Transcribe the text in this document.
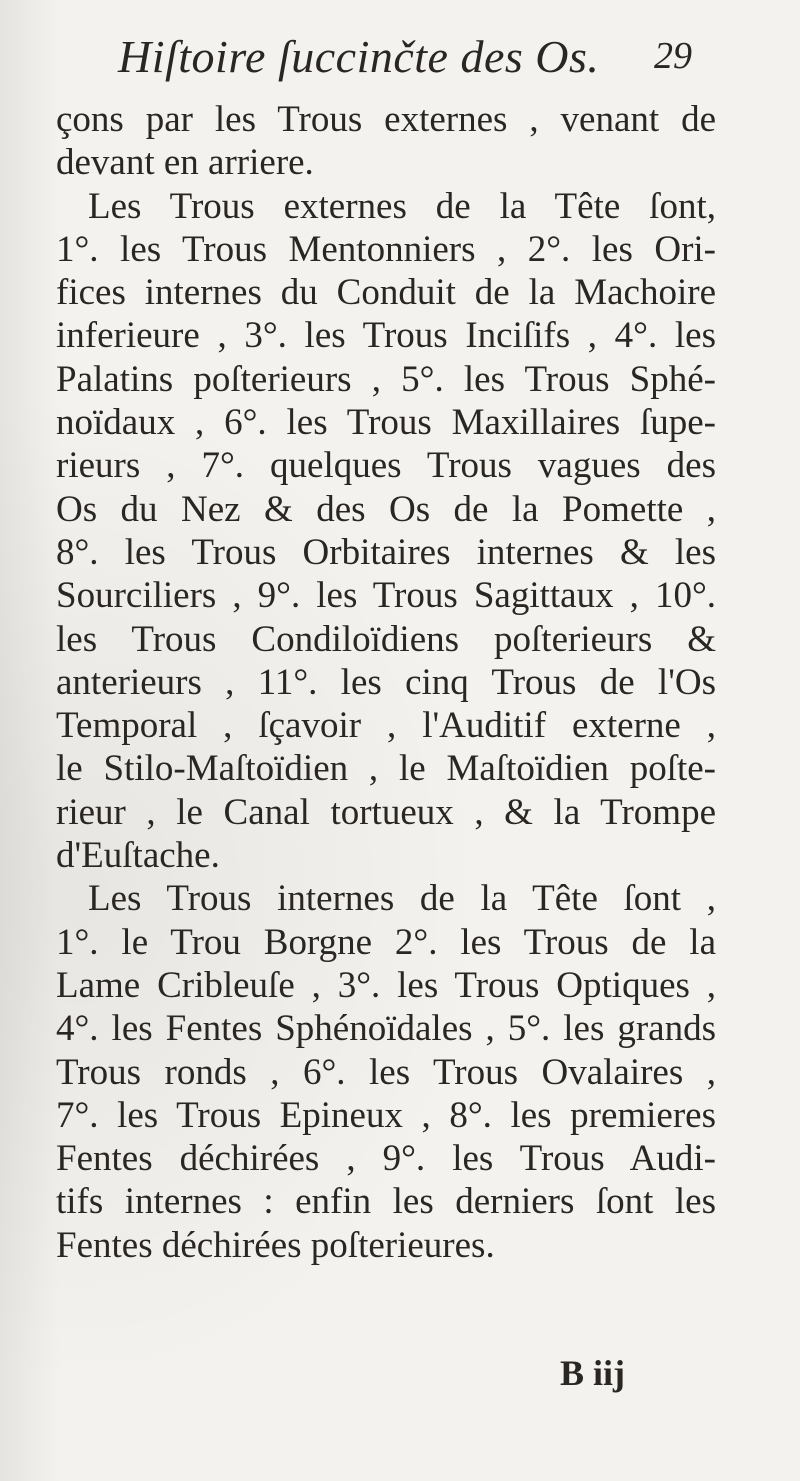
Hiſtoire ſuccinčte des Os. 29
çons par les Trous externes , venant de
devant en arriere.
Les Trous externes de la Tête ſont,
1°. les Trous Mentonniers , 2°. les Ori-
fices internes du Conduit de la Machoire
inferieure , 3°. les Trous Inciſifs , 4°. les
Palatins poſterieurs , 5°. les Trous Sphé-
noïdaux , 6°. les Trous Maxillaires ſupe-
rieurs , 7°. quelques Trous vagues des
Os du Nez & des Os de la Pomette ,
8°. les Trous Orbitaires internes & les
Sourciliers , 9°. les Trous Sagittaux , 10°.
les Trous Condiloïdiens poſterieurs &
anterieurs , 11°. les cinq Trous de l'Os
Temporal , ſçavoir , l'Auditif externe ,
le Stilo-Maſtoïdien , le Maſtoïdien poſte-
rieur , le Canal tortueux , & la Trompe
d'Euſtache.
Les Trous internes de la Tête ſont ,
1°. le Trou Borgne 2°. les Trous de la
Lame Cribleuſe , 3°. les Trous Optiques ,
4°. les Fentes Sphénoïdales , 5°. les grands
Trous ronds , 6°. les Trous Ovalaires ,
7°. les Trous Epineux , 8°. les premieres
Fentes déchirées , 9°. les Trous Audi-
tifs internes : enfin les derniers ſont les
Fentes déchirées poſterieures.
B iij
